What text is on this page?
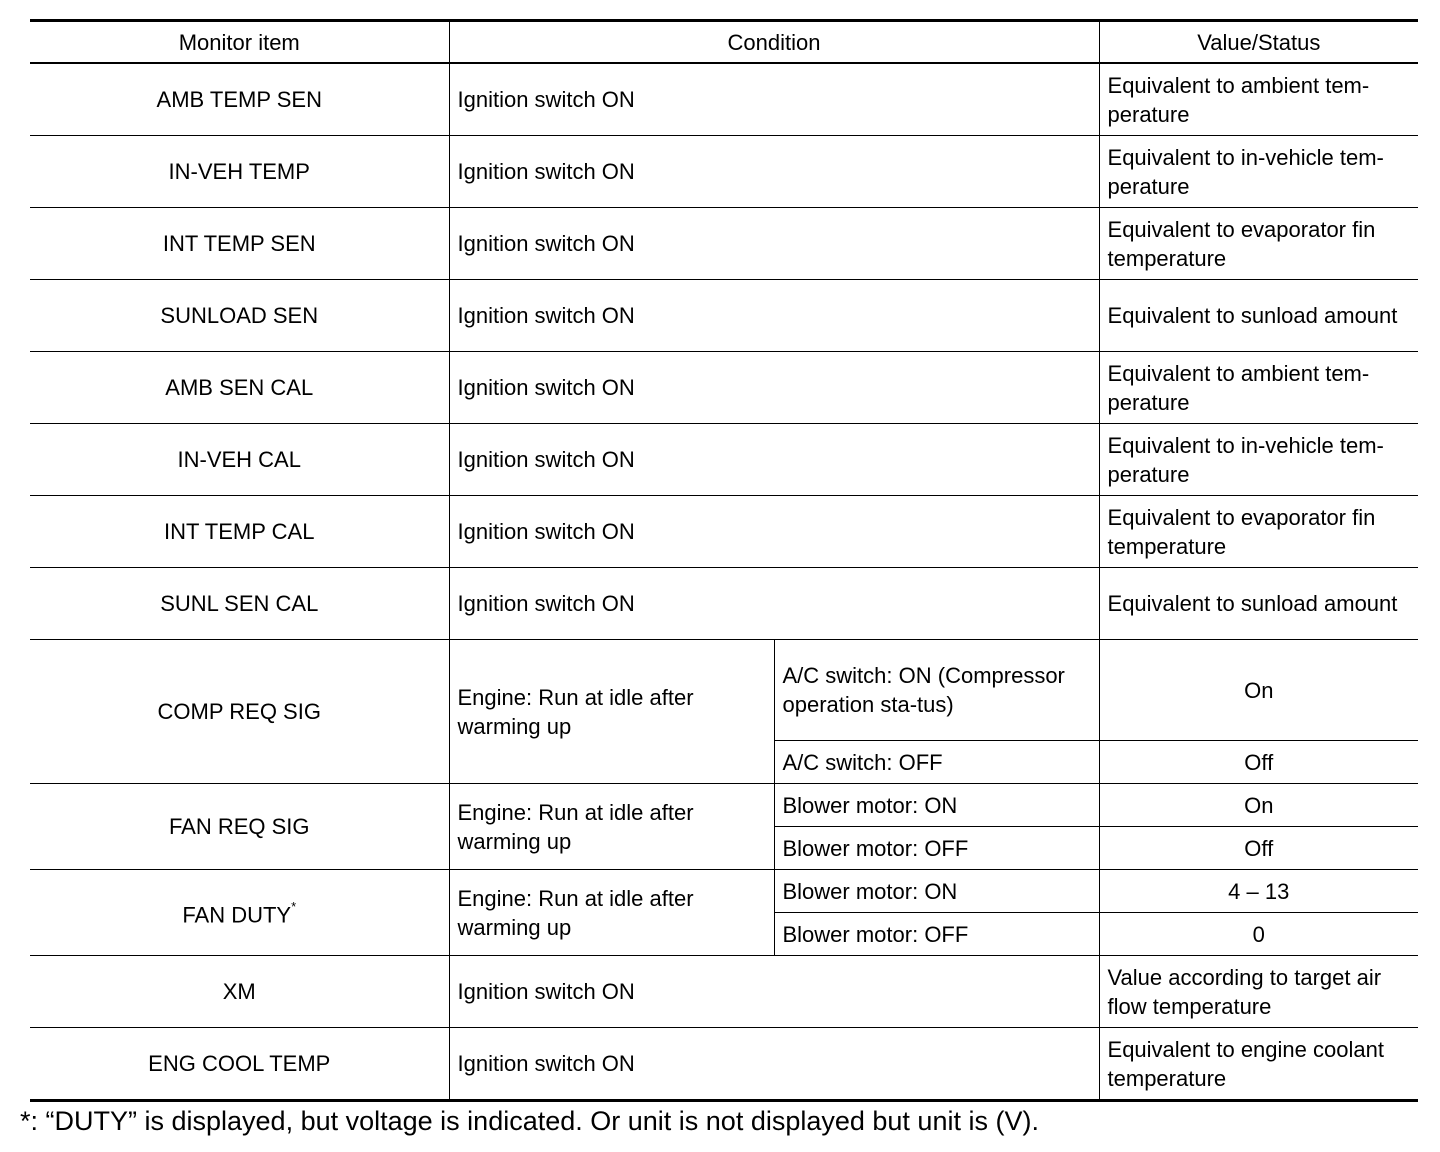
Monitor item	Condition		Value/Status
AMB TEMP SEN	Ignition switch ON		Equivalent to ambient tem-perature
IN-VEH TEMP	Ignition switch ON		Equivalent to in-vehicle tem-perature
INT TEMP SEN	Ignition switch ON		Equivalent to evaporator fin temperature
SUNLOAD SEN	Ignition switch ON		Equivalent to sunload amount
AMB SEN CAL	Ignition switch ON		Equivalent to ambient tem-perature
IN-VEH CAL	Ignition switch ON		Equivalent to in-vehicle tem-perature
INT TEMP CAL	Ignition switch ON		Equivalent to evaporator fin temperature
SUNL SEN CAL	Ignition switch ON		Equivalent to sunload amount
COMP REQ SIG	Engine: Run at idle after warming up	A/C switch: ON (Compressor operation sta-tus)	On
		A/C switch: OFF	Off
FAN REQ SIG	Engine: Run at idle after warming up	Blower motor: ON	On
		Blower motor: OFF	Off
FAN DUTY*	Engine: Run at idle after warming up	Blower motor: ON	4 – 13
		Blower motor: OFF	0
XM	Ignition switch ON		Value according to target air flow temperature
ENG COOL TEMP	Ignition switch ON		Equivalent to engine coolant temperature
*: “DUTY” is displayed, but voltage is indicated. Or unit is not displayed but unit is (V).
